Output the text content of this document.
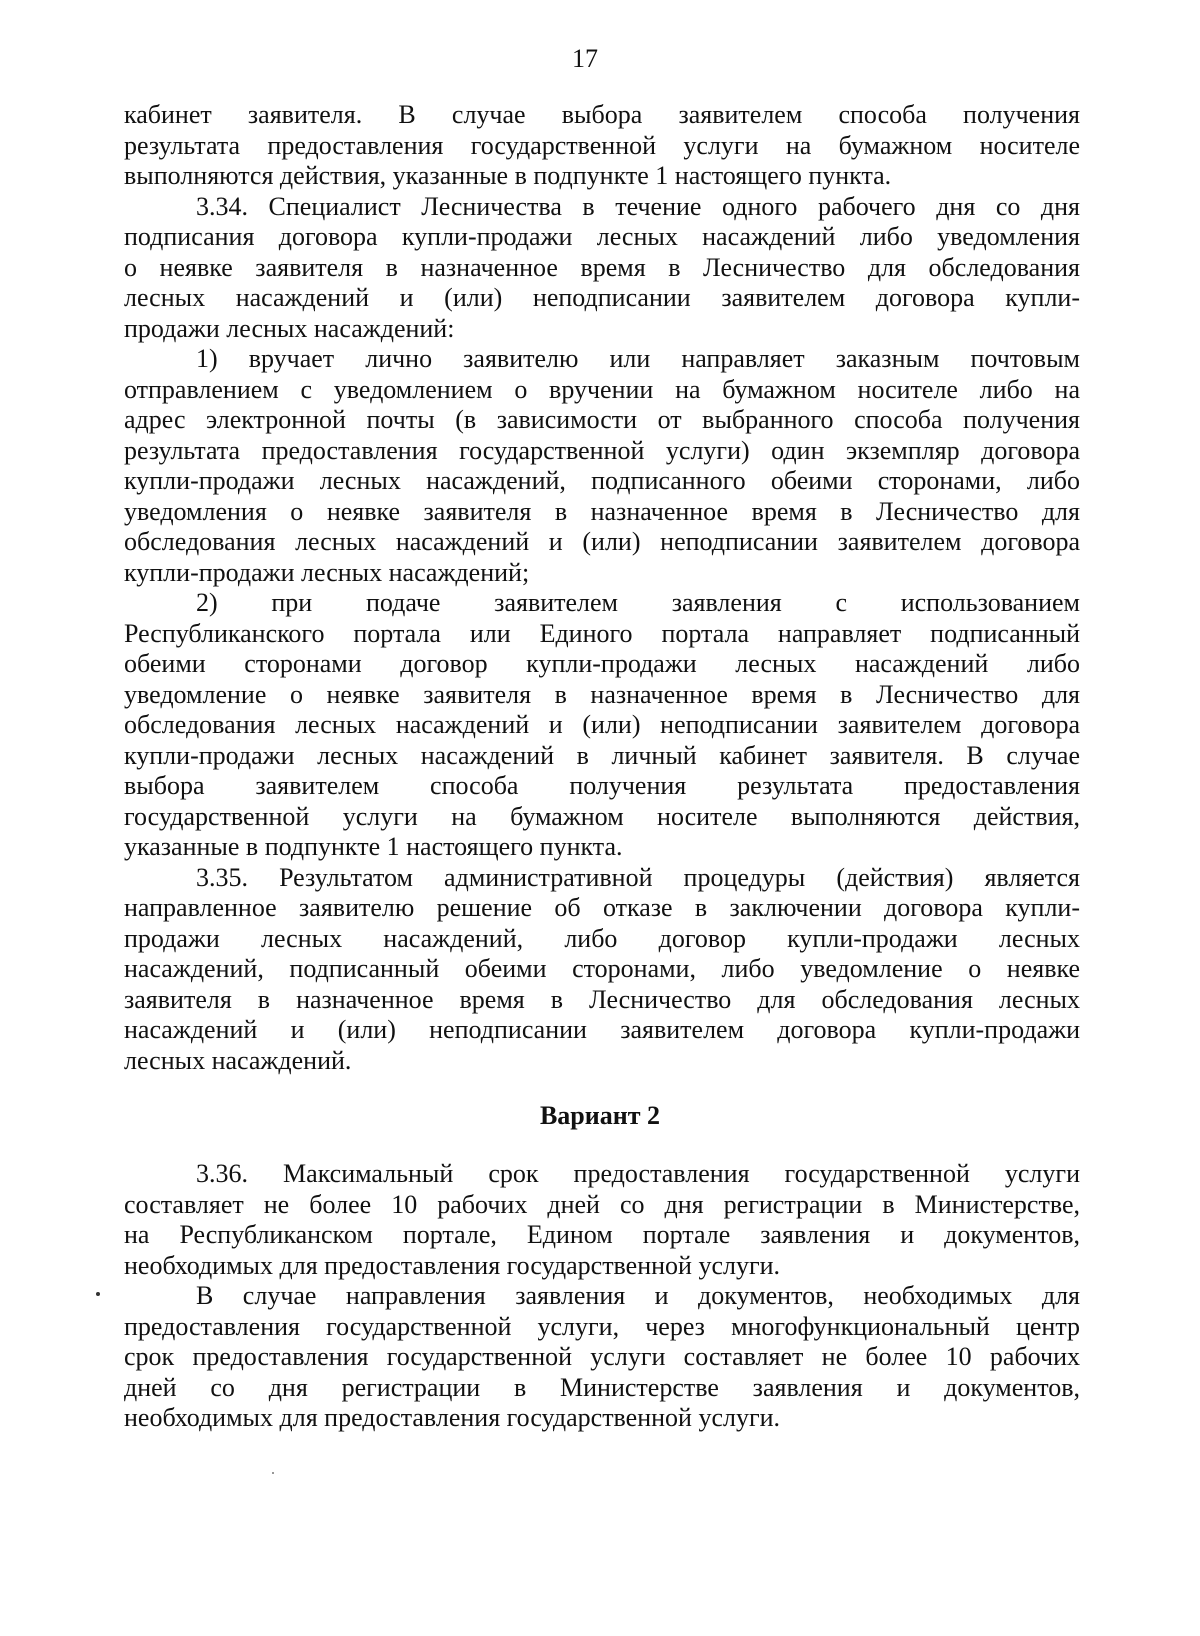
17
кабинет заявителя. В случае выбора заявителем способа получения
результата предоставления государственной услуги на бумажном носителе
выполняются действия, указанные в подпункте 1 настоящего пункта.
3.34. Специалист Лесничества в течение одного рабочего дня со дня
подписания договора купли-продажи лесных насаждений либо уведомления
о неявке заявителя в назначенное время в Лесничество для обследования
лесных насаждений и (или) неподписании заявителем договора купли-
продажи лесных насаждений:
1) вручает лично заявителю или направляет заказным почтовым
отправлением с уведомлением о вручении на бумажном носителе либо на
адрес электронной почты (в зависимости от выбранного способа получения
результата предоставления государственной услуги) один экземпляр договора
купли-продажи лесных насаждений, подписанного обеими сторонами, либо
уведомления о неявке заявителя в назначенное время в Лесничество для
обследования лесных насаждений и (или) неподписании заявителем договора
купли-продажи лесных насаждений;
2) при подаче заявителем заявления с использованием
Республиканского портала или Единого портала направляет подписанный
обеими сторонами договор купли-продажи лесных насаждений либо
уведомление о неявке заявителя в назначенное время в Лесничество для
обследования лесных насаждений и (или) неподписании заявителем договора
купли-продажи лесных насаждений в личный кабинет заявителя. В случае
выбора заявителем способа получения результата предоставления
государственной услуги на бумажном носителе выполняются действия,
указанные в подпункте 1 настоящего пункта.
3.35. Результатом административной процедуры (действия) является
направленное заявителю решение об отказе в заключении договора купли-
продажи лесных насаждений, либо договор купли-продажи лесных
насаждений, подписанный обеими сторонами, либо уведомление о неявке
заявителя в назначенное время в Лесничество для обследования лесных
насаждений и (или) неподписании заявителем договора купли-продажи
лесных насаждений.
Вариант 2
3.36. Максимальный срок предоставления государственной услуги
составляет не более 10 рабочих дней со дня регистрации в Министерстве,
на Республиканском портале, Едином портале заявления и документов,
необходимых для предоставления государственной услуги.
В случае направления заявления и документов, необходимых для
предоставления государственной услуги, через многофункциональный центр
срок предоставления государственной услуги составляет не более 10 рабочих
дней со дня регистрации в Министерстве заявления и документов,
необходимых для предоставления государственной услуги.
